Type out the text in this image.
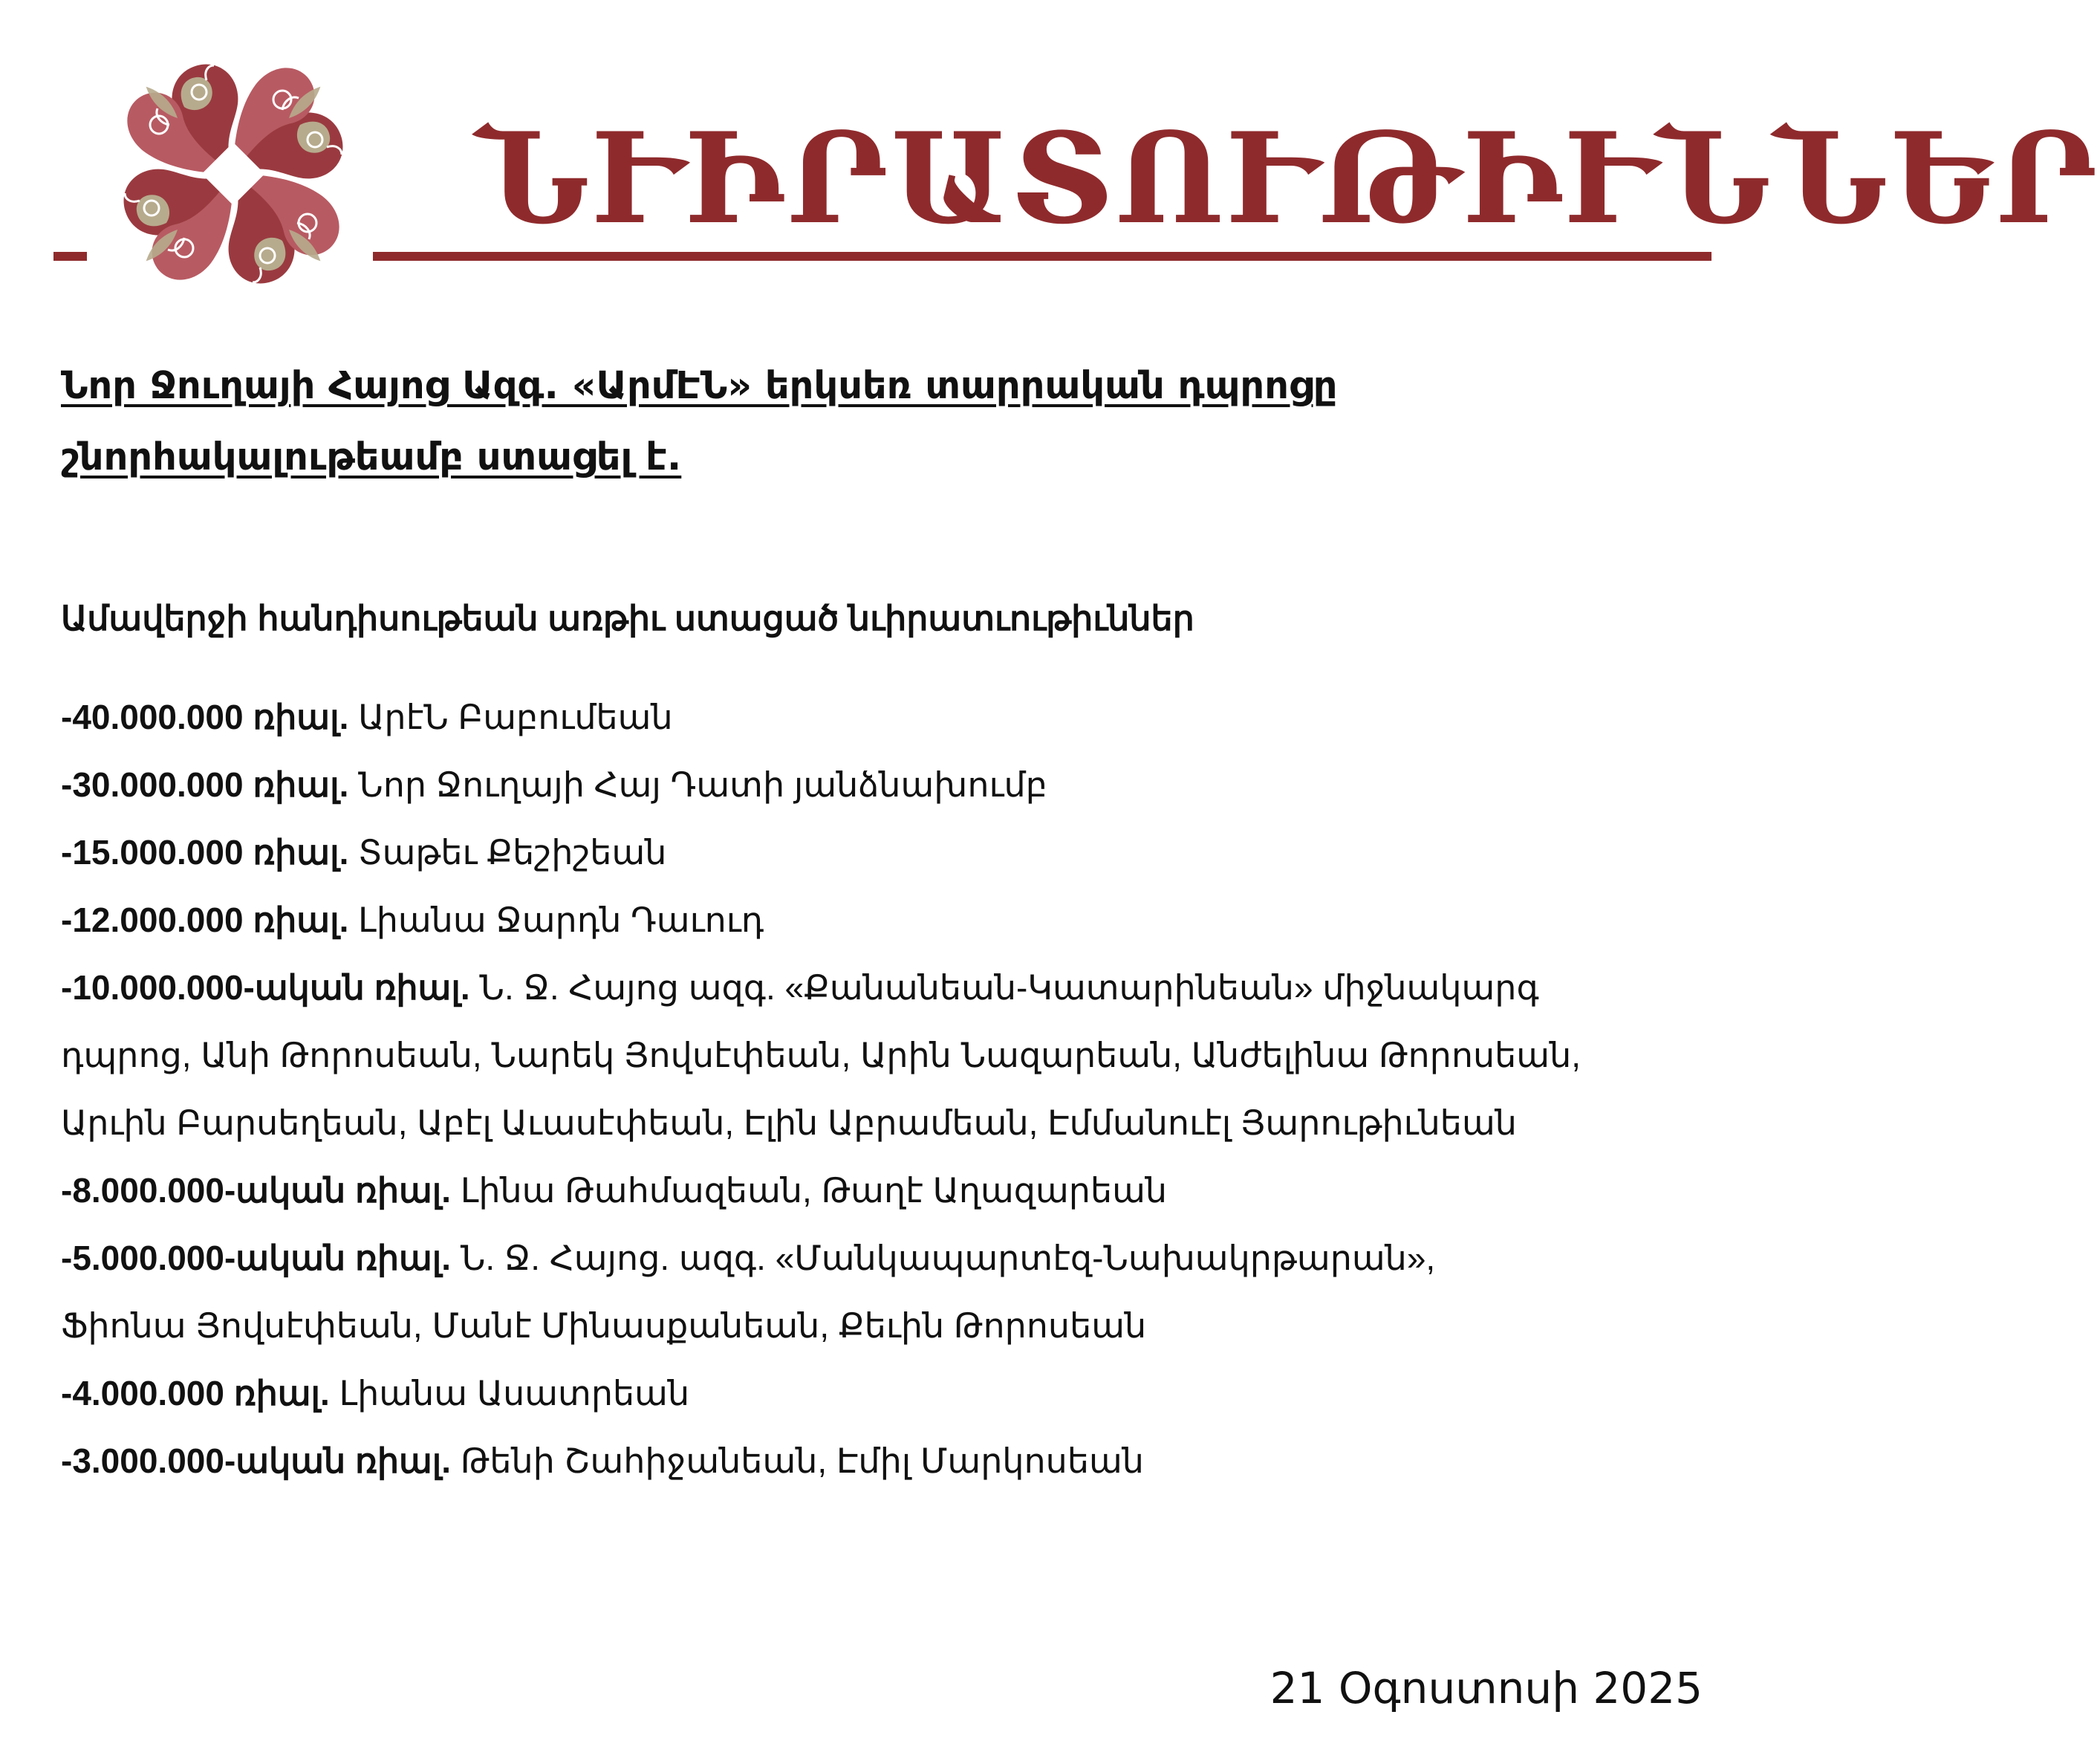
ՆՒԻՐԱՏՈՒԹԻՒՆՆԵՐ
Նոր Ջուղայի Հայոց Ազգ. «ԱրմԷՆ» երկսեռ տարրական դպրոցը
շնորհակալութեամբ ստացել է.
Ամավերջի հանդիսութեան առթիւ ստացած նւիրատւութիւններ
-40.000.000 ռիալ. ԱրէՆ Բաբումեան
-30.000.000 ռիալ. Նոր Ջուղայի Հայ Դատի յանձնախումբ
-15.000.000 ռիալ. Տաթեւ Քեշիշեան
-12.000.000 ռիալ. Լիանա Ջարդն Դաւուդ
-10.000.000-ական ռիալ. Ն. Ջ. Հայոց ազգ. «Քանանեան-Կատարինեան» միջնակարգ
դպրոց, Անի Թորոսեան, Նարեկ Յովսէփեան, Արին Նազարեան, Անժելինա Թորոսեան,
Արւին Բարսեղեան, Աբէլ Աւասէփեան, Էլին Աբրամեան, Էմմանուէլ Յարութիւնեան
-8.000.000-ական ռիալ. Լինա Թահմազեան, Թաղէ Աղազարեան
-5.000.000-ական ռիալ. Ն. Ջ. Հայոց. ազգ. «Մանկապարտէզ-Նախակրթարան»,
Ֆիոնա Յովսէփեան, Մանէ Մինասքանեան, Քեւին Թորոսեան
-4.000.000 ռիալ. Լիանա Ասատրեան
-3.000.000-ական ռիալ. Թենի Շահիջանեան, Էմիլ Մարկոսեան
21 Օգոստոսի 2025
